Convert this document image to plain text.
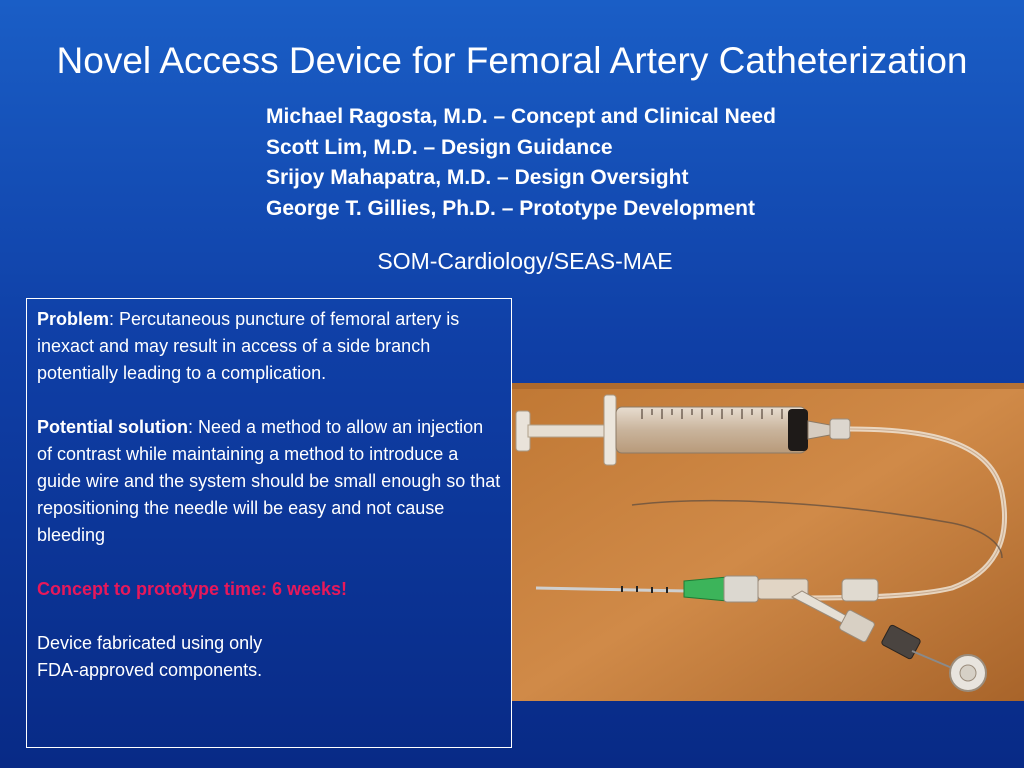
Novel Access Device for Femoral Artery Catheterization
Michael Ragosta, M.D. – Concept and Clinical Need
Scott Lim, M.D. – Design Guidance
Srijoy Mahapatra, M.D. – Design Oversight
George T. Gillies, Ph.D. – Prototype Development
SOM-Cardiology/SEAS-MAE

Problem: Percutaneous puncture of femoral artery is inexact and may result in access of a side branch potentially leading to a complication.

Potential solution: Need a method to allow an injection of contrast while maintaining a method to introduce a guide wire and the system should be small enough so that repositioning the needle will be easy and not cause bleeding

Concept to prototype time: 6 weeks!

Device fabricated using only
FDA-approved components.
